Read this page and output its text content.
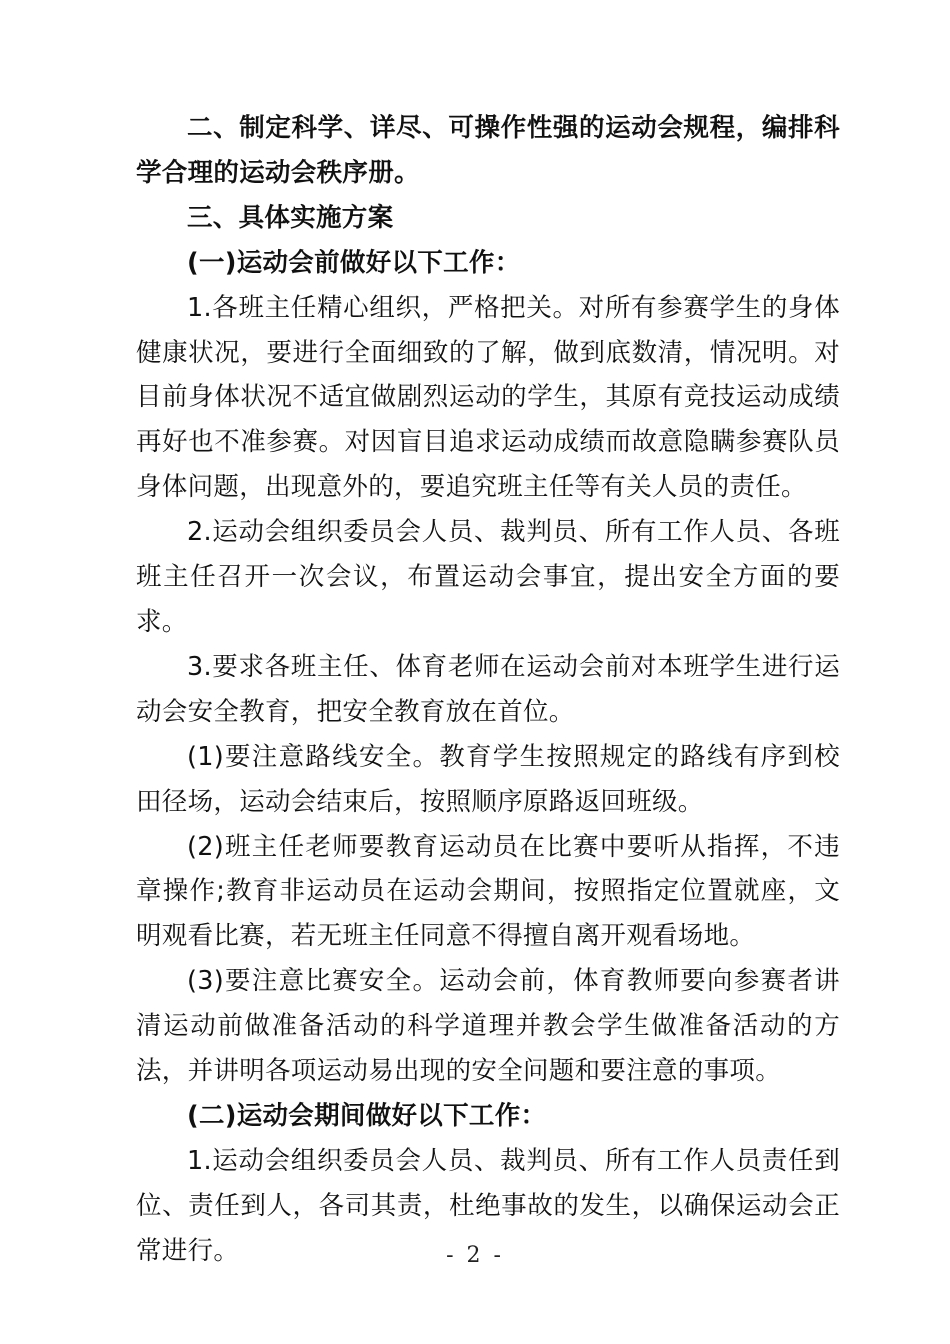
二、制定科学、详尽、可操作性强的运动会规程，编排科学合理的运动会秩序册。

三、具体实施方案

(一)运动会前做好以下工作：

1.各班主任精心组织，严格把关。对所有参赛学生的身体健康状况，要进行全面细致的了解，做到底数清，情况明。对目前身体状况不适宜做剧烈运动的学生，其原有竞技运动成绩再好也不准参赛。对因盲目追求运动成绩而故意隐瞒参赛队员身体问题，出现意外的，要追究班主任等有关人员的责任。

2.运动会组织委员会人员、裁判员、所有工作人员、各班班主任召开一次会议，布置运动会事宜，提出安全方面的要求。

3.要求各班主任、体育老师在运动会前对本班学生进行运动会安全教育，把安全教育放在首位。

(1)要注意路线安全。教育学生按照规定的路线有序到校田径场，运动会结束后，按照顺序原路返回班级。

(2)班主任老师要教育运动员在比赛中要听从指挥，不违章操作;教育非运动员在运动会期间，按照指定位置就座，文明观看比赛，若无班主任同意不得擅自离开观看场地。

(3)要注意比赛安全。运动会前，体育教师要向参赛者讲清运动前做准备活动的科学道理并教会学生做准备活动的方法，并讲明各项运动易出现的安全问题和要注意的事项。

(二)运动会期间做好以下工作：

1.运动会组织委员会人员、裁判员、所有工作人员责任到位、责任到人，各司其责，杜绝事故的发生，以确保运动会正常进行。	- 2 -
